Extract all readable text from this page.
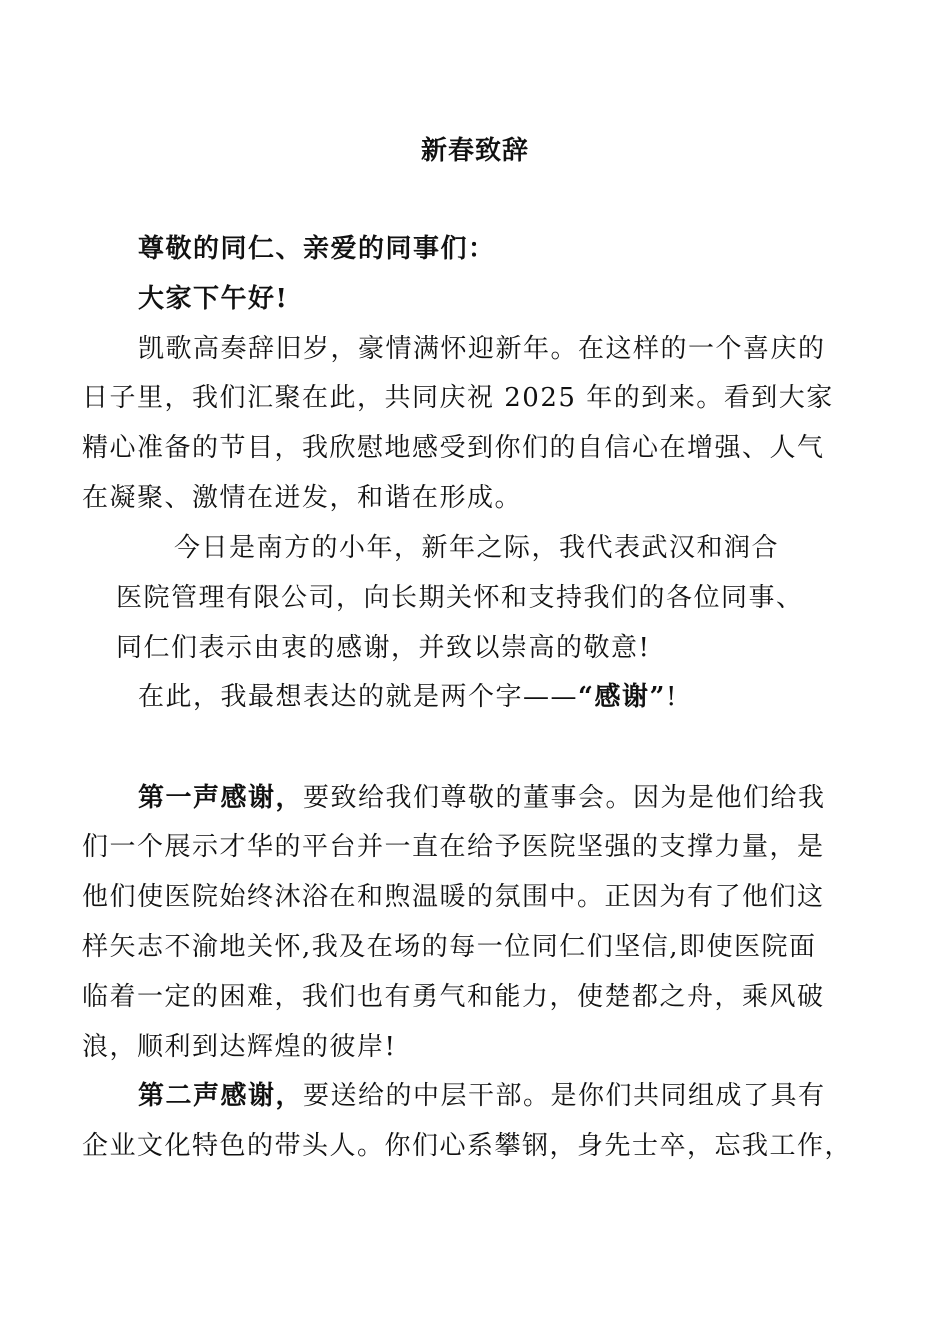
新春致辞
尊敬的同仁、亲爱的同事们：
大家下午好!
凯歌高奏辞旧岁，豪情满怀迎新年。在这样的一个喜庆的
日子里，我们汇聚在此，共同庆祝 2025 年的到来。看到大家
精心准备的节目，我欣慰地感受到你们的自信心在增强、人气
在凝聚、激情在迸发，和谐在形成。
今日是南方的小年，新年之际，我代表武汉和润合
医院管理有限公司，向长期关怀和支持我们的各位同事、
同仁们表示由衷的感谢，并致以崇高的敬意!
在此，我最想表达的就是两个字——“感谢”!
第一声感谢，要致给我们尊敬的董事会。因为是他们给我
们一个展示才华的平台并一直在给予医院坚强的支撑力量，是
他们使医院始终沐浴在和煦温暖的氛围中。正因为有了他们这
样矢志不渝地关怀,我及在场的每一位同仁们坚信,即使医院面
临着一定的困难，我们也有勇气和能力，使楚都之舟，乘风破
浪，顺利到达辉煌的彼岸!
第二声感谢，要送给的中层干部。是你们共同组成了具有
企业文化特色的带头人。你们心系攀钢，身先士卒，忘我工作，
